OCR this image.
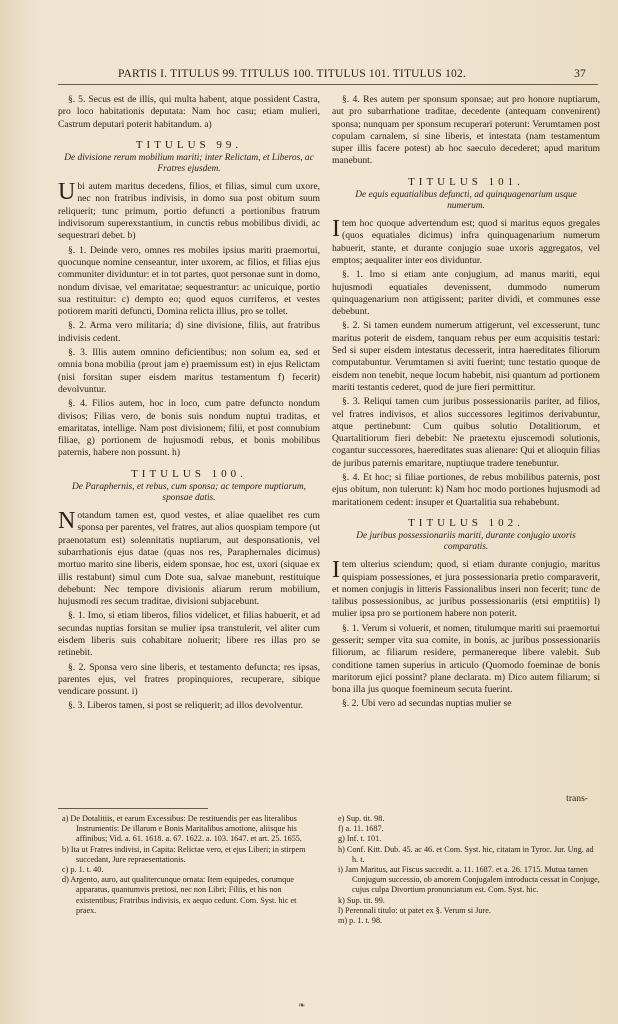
PARTIS I. TITULUS 99. TITULUS 100. TITULUS 101. TITULUS 102.	37

§. 5. Secus est de illis, qui multa habent, atque possident Castra, pro loco habitationis deputata: Nam hoc casu; etiam mulieri, Castrum deputari poterit habitandum. a)

TITULUS 99.
De divisione rerum mobilium mariti; inter Relictam, et Liberos, ac Fratres ejusdem.

Ubi autem maritus decedens, filios, et filias, simul cum uxore, nec non fratribus indivisis, in domo sua post obitum suum reliquerit; tunc primum, portio defuncti a portionibus fratrum indivisorum superexstantium, in cunctis rebus mobilibus dividi, ac sequestrari debet. b)

§. 1. Deinde vero, omnes res mobiles ipsius mariti praemortui, quocunque nomine censeantur, inter uxorem, ac filios, et filias ejus communiter dividuntur: et in tot partes, quot personae sunt in domo, nondum divisae, vel emaritatae; sequestrantur: ac unicuique, portio sua restituitur: c) dempto eo; quod equos curriferos, et vestes potiorem mariti defuncti, Domina relicta illius, pro se tollet.

§. 2. Arma vero militaria; d) sine divisione, filiis, aut fratribus indivisis cedent.

§. 3. Illis autem omnino deficientibus; non solum ea, sed et omnia bona mobilia (prout jam e) praemissum est) in ejus Relictam (nisi forsitan super eisdem maritus testamentum f) fecerit) devolvuntur.

§. 4. Filios autem, hoc in loco, cum patre defuncto nondum divisos; Filias vero, de bonis suis nondum nuptui traditas, et emaritatas, intellige. Nam post divisionem; filii, et post connubium filiae, g) portionem de hujusmodi rebus, et bonis mobilibus paternis, habere non possunt. h)

TITULUS 100.
De Paraphernis, et rebus, cum sponsa; ac tempore nuptiarum, sponsae datis.

Notandum tamen est, quod vestes, et aliae quaelibet res cum sponsa per parentes, vel fratres, aut alios quospiam tempore (ut praenotatum est) solennitatis nuptiarum, aut desponsationis, vel subarrhationis ejus datae (quas nos res, Paraphernales dicimus) mortuo marito sine liberis, eidem sponsae, hoc est, uxori (siquae ex illis restabunt) simul cum Dote sua, salvae manebunt, restituique debebunt: Nec tempore divisionis aliarum rerum mobilium, hujusmodi res secum traditae, divisioni subjacebunt.

§. 1. Imo, si etiam liberos, filios videlicet, et filias habuerit, et ad secundas nuptias forsitan se mulier ipsa transtulerit, vel aliter cum eisdem liberis suis cohabitare noluerit; libere res illas pro se retinebit.

§. 2. Sponsa vero sine liberis, et testamento defuncta; res ipsas, parentes ejus, vel fratres propinquiores, recuperare, sibique vendicare possunt. i)

§. 3. Liberos tamen, si post se reliquerit; ad illos devolventur.

§. 4. Res autem per sponsum sponsae; aut pro honore nuptiarum, aut pro subarrhatione traditae, decedente (antequam convenirent) sponsa; nunquam per sponsum recuperari poterunt: Verumtamen post copulam carnalem, si sine liberis, et intestata (nam testamentum super illis facere potest) ab hoc saeculo decederet; apud maritum manebunt.

TITULUS 101.
De equis equatialibus defuncti, ad quinquagenarium usque numerum.

Item hoc quoque advertendum est; quod si maritus equos gregales (quos equatiales dicimus) infra quinquagenarium numerum habuerit, stante, et durante conjugio suae uxoris aggregatos, vel emptos; aequaliter inter eos dividuntur.

§. 1. Imo si etiam ante conjugium, ad manus mariti, equi hujusmodi equatiales devenissent, dummodo numerum quinquagenarium non attigissent; pariter dividi, et communes esse debebunt.

§. 2. Si tamen eundem numerum attigerunt, vel excesserunt, tunc maritus poterit de eisdem, tanquam rebus per eum acquisitis testari: Sed si super eisdem intestatus decesserit, intra haereditates filiorum computabuntur. Verumtamen si aviti fuerint; tunc testatio quoque de eisdem non tenebit, neque locum habebit, nisi quantum ad portionem mariti testantis cederet, quod de jure fieri permittitur.

§. 3. Reliqui tamen cum juribus possessionariis pariter, ad filios, vel fratres indivisos, et alios successores legitimos derivabuntur, atque pertinebunt: Cum quibus solutio Dotalitiorum, et Quartalitiorum fieri debebit: Ne praetextu ejuscemodi solutionis, cogantur successores, haereditates suas alienare: Qui et alioquin filias de juribus paternis emaritare, nuptiuque tradere tenebuntur.

§. 4. Et hoc; si filiae portiones, de rebus mobilibus paternis, post ejus obitum, non tulerunt: k) Nam hoc modo portiones hujusmodi ad maritationem cedent: insuper et Quartalitia sua rehabebunt.

TITULUS 102.
De juribus possessionariis mariti, durante conjugio uxoris comparatis.

Item ulterius sciendum; quod, si etiam durante conjugio, maritus quispiam possessiones, et jura possessionaria pretio comparaverit, et nomen conjugis in litteris Fassionalibus inseri non fecerit; tunc de talibus possessionibus, ac juribus possessionariis (etsi emptitiis) l) mulier ipsa pro se portionem habere non poterit.

§. 1. Verum si voluerit, et nomen, titulumque mariti sui praemortui gesserit; semper vita sua comite, in bonis, ac juribus possessionariis filiorum, ac filiarum residere, permanereque libere valebit. Sub conditione tamen superius in articulo (Quomodo foeminae de bonis maritorum ejici possint? plane declarata. m) Dico autem filiarum; si bona illa jus quoque foemineum secuta fuerint.

§. 2. Ubi vero ad secundas nuptias mulier se

trans-
a) De Dotalitiis, et earum Excessibus: De restituendis per eas literalibus Instrumentis: De illarum e Bonis Maritalibus amotione, aliisque his affinibus; Vid. a. 61. 1618. a. 67. 1622. a. 103. 1647. et art. 25. 1655.
b) Ita ut Fratres indivisi, in Capita: Relictae vero, et ejus Liberi; in stirpem succedant, Jure repraesentationis.
c) p. 1. t. 40.
d) Argento, auro, aut qualitercunque ornata: Item equipedes, corumque apparatus, quantumvis pretiosi, nec non Libri; Filiis, et his non existentibus; Fratribus indivisis, ex aequo cedunt. Com. Syst. hic et praex.
e) Sup. tit. 98.
f) a. 11. 1687.
g) Inf. t. 101.
h) Conf. Kitt. Dub. 45. ac 46. et Com. Syst. hic, citatam in Tyroc. Jur. Ung. ad h. t.
i) Jam Maritus, aut Fiscus succedit. a. 11. 1687. et a. 26. 1715. Mutua tamen Conjugum successio, ob amorem Conjugalem introducta cessat in Conjuge, cujus culpa Divortium pronunciatum est. Com. Syst. hic.
k) Sup. tit. 99.
l) Perennali titulo: ut patet ex §. Verum si Jure.
m) p. 1. t. 98.
❧
